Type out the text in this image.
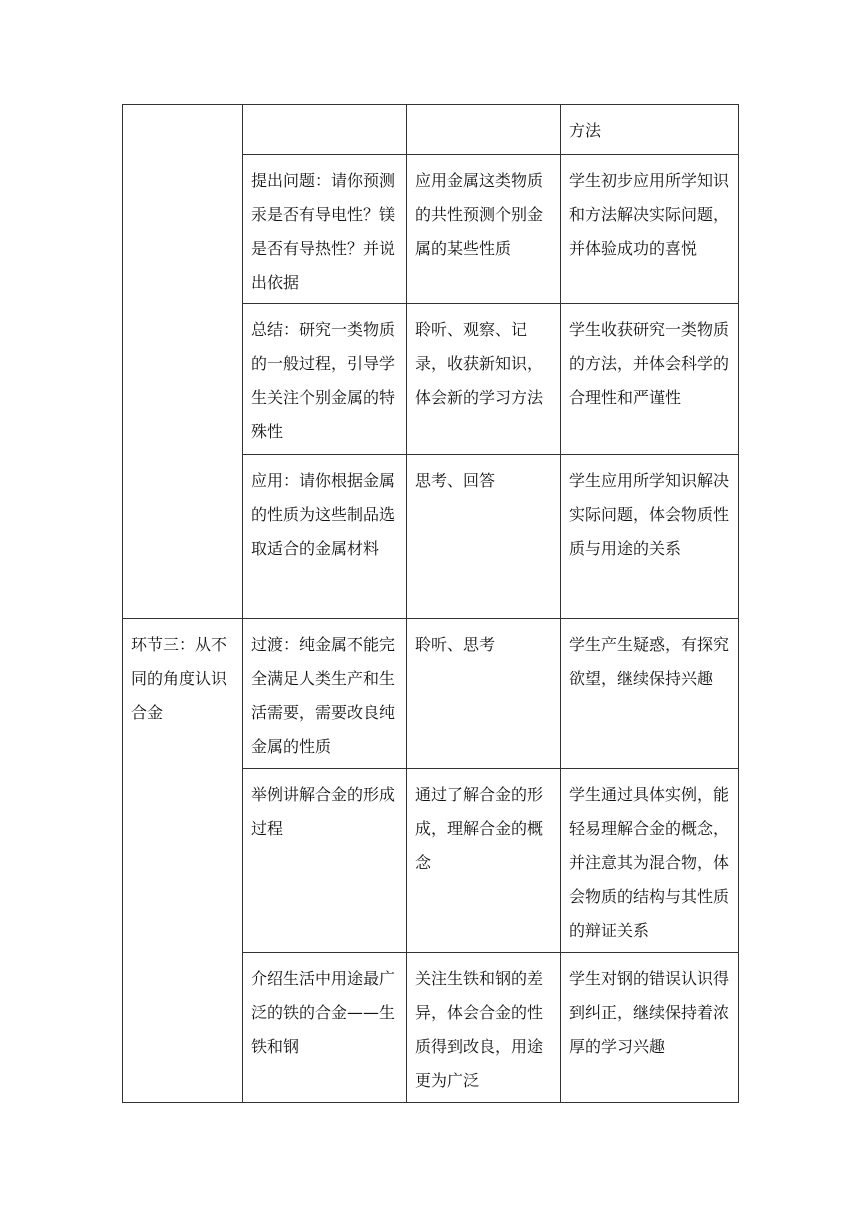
			方法

	提出问题：请你预测汞是否有导电性？镁是否有导热性？并说出依据	应用金属这类物质的共性预测个别金属的某些性质	学生初步应用所学知识和方法解决实际问题，并体验成功的喜悦

	总结：研究一类物质的一般过程，引导学生关注个别金属的特殊性	聆听、观察、记录，收获新知识，体会新的学习方法	学生收获研究一类物质的方法，并体会科学的合理性和严谨性

	应用：请你根据金属的性质为这些制品选取适合的金属材料	思考、回答	学生应用所学知识解决实际问题，体会物质性质与用途的关系

环节三：从不同的角度认识合金	过渡：纯金属不能完全满足人类生产和生活需要，需要改良纯金属的性质	聆听、思考	学生产生疑惑，有探究欲望，继续保持兴趣

	举例讲解合金的形成过程	通过了解合金的形成，理解合金的概念	学生通过具体实例，能轻易理解合金的概念，并注意其为混合物，体会物质的结构与其性质的辩证关系

	介绍生活中用途最广泛的铁的合金——生铁和钢	关注生铁和钢的差异，体会合金的性质得到改良，用途更为广泛	学生对钢的错误认识得到纠正，继续保持着浓厚的学习兴趣
